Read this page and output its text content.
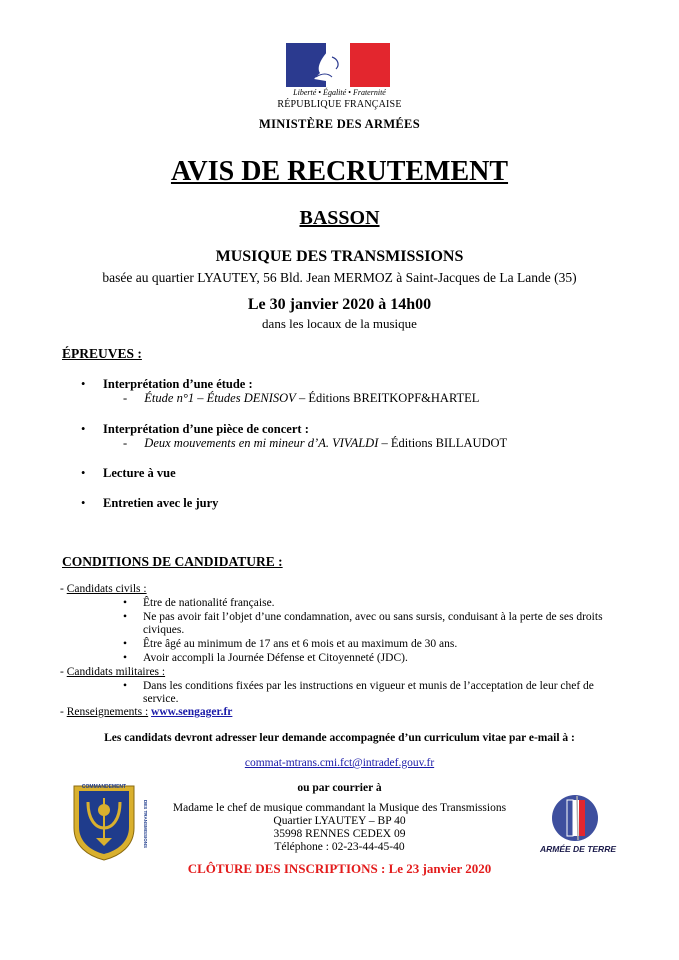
Liberté • Égalité • Fraternité
RÉPUBLIQUE FRANÇAISE
MINISTÈRE DES ARMÉES
AVIS DE RECRUTEMENT
BASSON
MUSIQUE DES TRANSMISSIONS
basée au quartier LYAUTEY, 56 Bld. Jean MERMOZ à Saint-Jacques de La Lande (35)
Le 30 janvier 2020 à 14h00
dans les locaux de la musique
ÉPREUVES :
• Interprétation d’une étude :
- Étude n°1 – Études DENISOV – Éditions BREITKOPF&HARTEL
• Interprétation d’une pièce de concert :
- Deux mouvements en mi mineur d’A. VIVALDI – Éditions BILLAUDOT
• Lecture à vue
• Entretien avec le jury
CONDITIONS DE CANDIDATURE :
- Candidats civils :
• Être de nationalité française.
• Ne pas avoir fait l’objet d’une condamnation, avec ou sans sursis, conduisant à la perte de ses droits
civiques.
• Être âgé au minimum de 17 ans et 6 mois et au maximum de 30 ans.
• Avoir accompli la Journée Défense et Citoyenneté (JDC).
- Candidats militaires :
• Dans les conditions fixées par les instructions en vigueur et munis de l’acceptation de leur chef de
service.
- Renseignements : www.sengager.fr
Les candidats devront adresser leur demande accompagnée d’un curriculum vitae par e-mail à :
commat-mtrans.cmi.fct@intradef.gouv.fr
ou par courrier à
Madame le chef de musique commandant la Musique des Transmissions
Quartier LYAUTEY – BP 40
35998 RENNES CEDEX 09
Téléphone : 02-23-44-45-40
CLÔTURE DES INSCRIPTIONS : Le 23 janvier 2020
COMMANDEMENT
DES TRANSMISSIONS
ARMÉE DE TERRE
